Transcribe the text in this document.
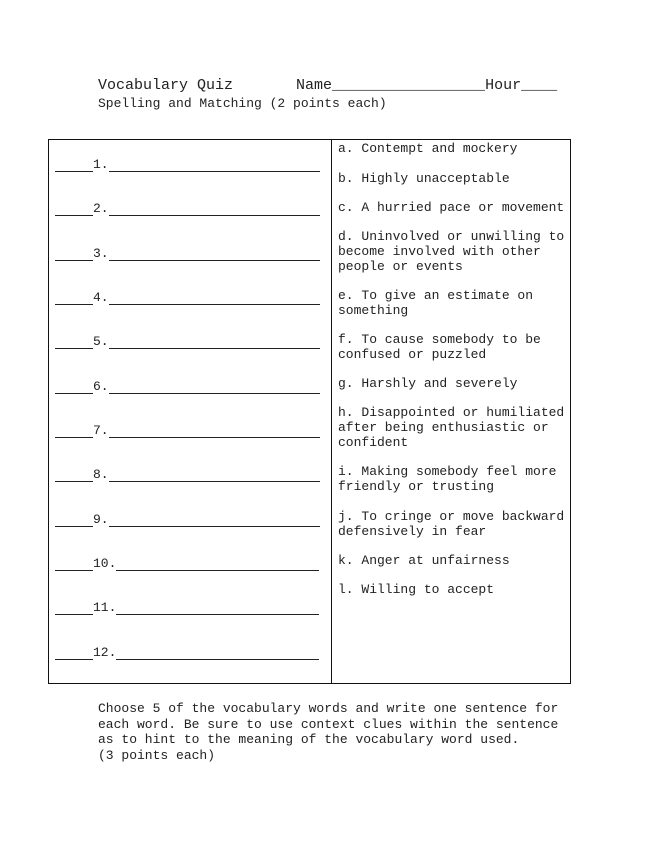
Vocabulary Quiz       Name_________________Hour____
Spelling and Matching (2 points each)
1.
2.
3.
4.
5.
6.
7.
8.
9.
10.
11.
12.
a. Contempt and mockery
b. Highly unacceptable
c. A hurried pace or movement
d. Uninvolved or unwilling to become involved with other people or events
e. To give an estimate on something
f. To cause somebody to be confused or puzzled
g. Harshly and severely
h. Disappointed or humiliated after being enthusiastic or confident
i. Making somebody feel more friendly or trusting
j. To cringe or move backward defensively in fear
k. Anger at unfairness
l. Willing to accept
Choose 5 of the vocabulary words and write one sentence for each word. Be sure to use context clues within the sentence as to hint to the meaning of the vocabulary word used.
(3 points each)
